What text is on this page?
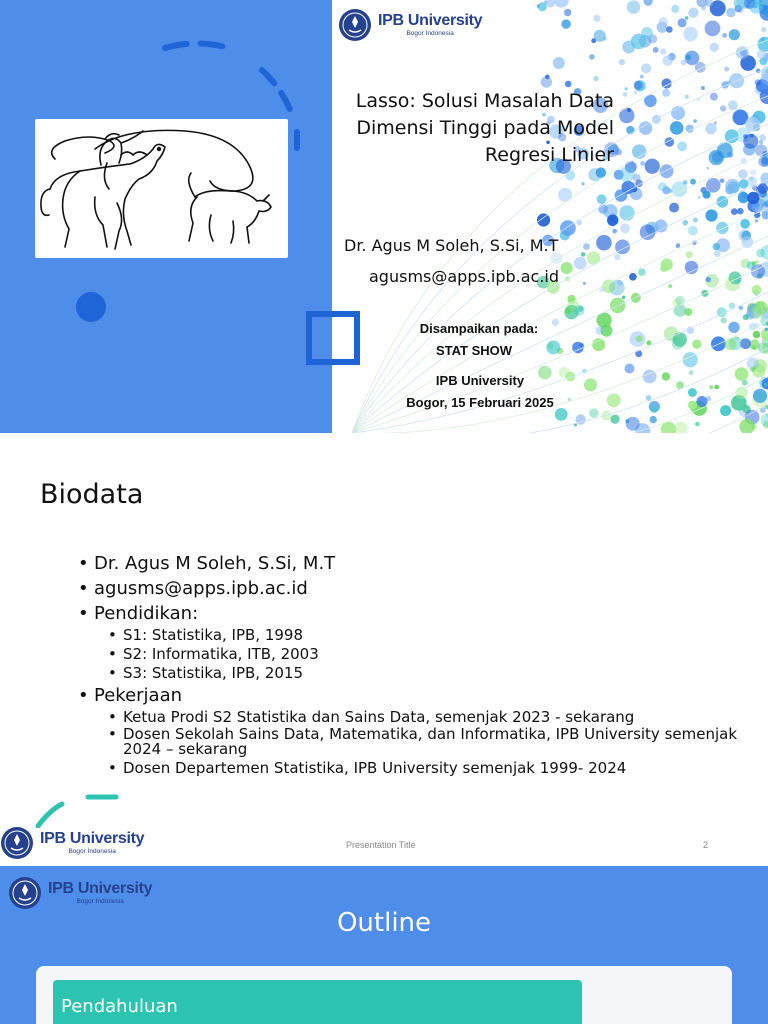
IPB University
Bogor Indonesia
Lasso: Solusi Masalah Data
Dimensi Tinggi pada Model
Regresi Linier
Dr. Agus M Soleh, S.Si, M.T
agusms@apps.ipb.ac.id
Disampaikan pada:
STAT SHOW
IPB University
Bogor, 15 Februari 2025
Biodata
• Dr. Agus M Soleh, S.Si, M.T
• agusms@apps.ipb.ac.id
• Pendidikan:
• S1: Statistika, IPB, 1998
• S2: Informatika, ITB, 2003
• S3: Statistika, IPB, 2015
• Pekerjaan
• Ketua Prodi S2 Statistika dan Sains Data, semenjak 2023 - sekarang
• Dosen Sekolah Sains Data, Matematika, dan Informatika, IPB University semenjak 2024 – sekarang
• Dosen Departemen Statistika, IPB University semenjak 1999- 2024
IPB University
Bogor Indonesia
Presentation Title	2
IPB University
Bogor Indonesia
Outline
Pendahuluan
